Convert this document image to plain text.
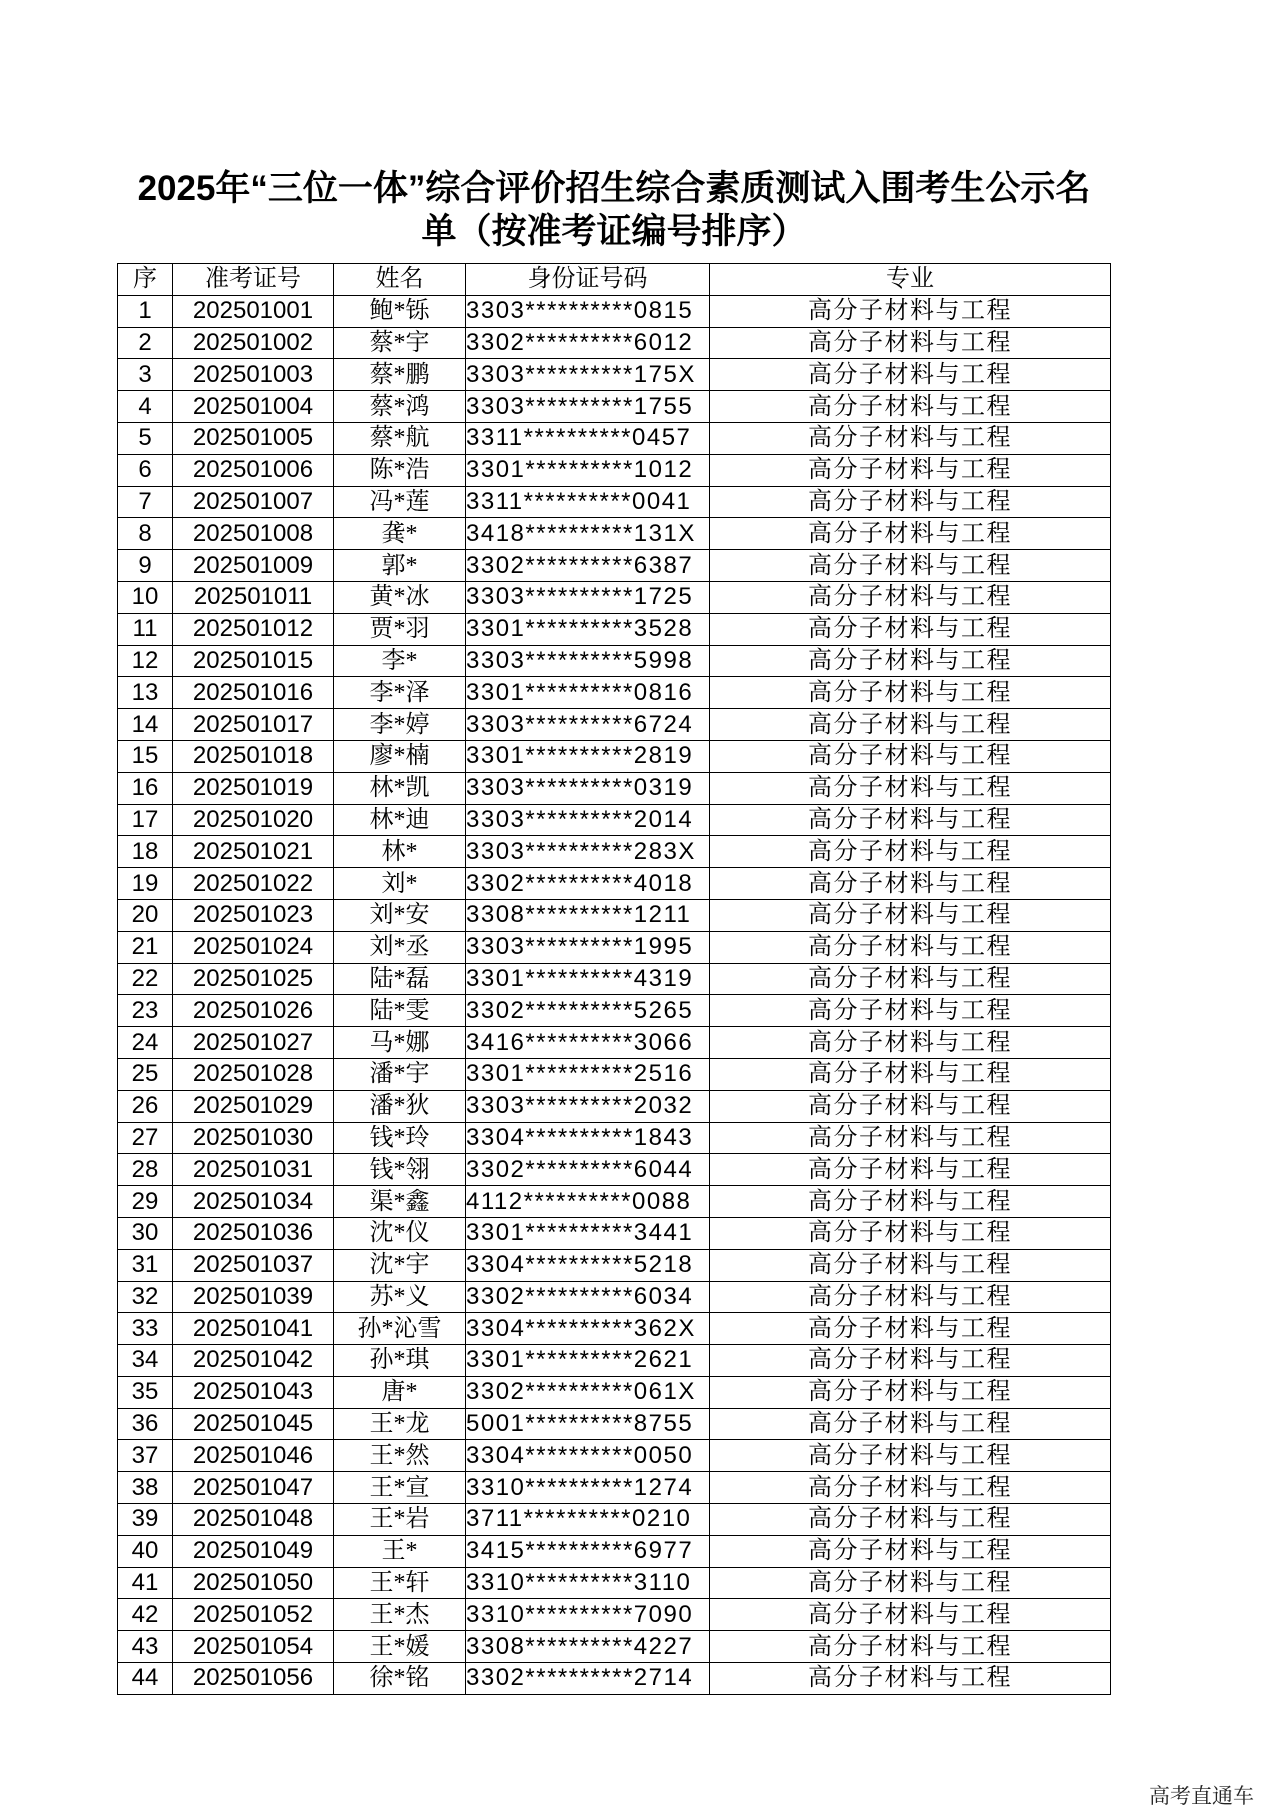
2025年“三位一体”综合评价招生综合素质测试入围考生公示名
单（按准考证编号排序）
序	准考证号	姓名	身份证号码	专业
1	202501001	鲍*铄	3303**********0815	高分子材料与工程
2	202501002	蔡*宇	3302**********6012	高分子材料与工程
3	202501003	蔡*鹏	3303**********175X	高分子材料与工程
4	202501004	蔡*鸿	3303**********1755	高分子材料与工程
5	202501005	蔡*航	3311**********0457	高分子材料与工程
6	202501006	陈*浩	3301**********1012	高分子材料与工程
7	202501007	冯*莲	3311**********0041	高分子材料与工程
8	202501008	龚*	3418**********131X	高分子材料与工程
9	202501009	郭*	3302**********6387	高分子材料与工程
10	202501011	黄*冰	3303**********1725	高分子材料与工程
11	202501012	贾*羽	3301**********3528	高分子材料与工程
12	202501015	李*	3303**********5998	高分子材料与工程
13	202501016	李*泽	3301**********0816	高分子材料与工程
14	202501017	李*婷	3303**********6724	高分子材料与工程
15	202501018	廖*楠	3301**********2819	高分子材料与工程
16	202501019	林*凯	3303**********0319	高分子材料与工程
17	202501020	林*迪	3303**********2014	高分子材料与工程
18	202501021	林*	3303**********283X	高分子材料与工程
19	202501022	刘*	3302**********4018	高分子材料与工程
20	202501023	刘*安	3308**********1211	高分子材料与工程
21	202501024	刘*丞	3303**********1995	高分子材料与工程
22	202501025	陆*磊	3301**********4319	高分子材料与工程
23	202501026	陆*雯	3302**********5265	高分子材料与工程
24	202501027	马*娜	3416**********3066	高分子材料与工程
25	202501028	潘*宇	3301**********2516	高分子材料与工程
26	202501029	潘*狄	3303**********2032	高分子材料与工程
27	202501030	钱*玲	3304**********1843	高分子材料与工程
28	202501031	钱*翎	3302**********6044	高分子材料与工程
29	202501034	渠*鑫	4112**********0088	高分子材料与工程
30	202501036	沈*仪	3301**********3441	高分子材料与工程
31	202501037	沈*宇	3304**********5218	高分子材料与工程
32	202501039	苏*义	3302**********6034	高分子材料与工程
33	202501041	孙*沁雪	3304**********362X	高分子材料与工程
34	202501042	孙*琪	3301**********2621	高分子材料与工程
35	202501043	唐*	3302**********061X	高分子材料与工程
36	202501045	王*龙	5001**********8755	高分子材料与工程
37	202501046	王*然	3304**********0050	高分子材料与工程
38	202501047	王*宣	3310**********1274	高分子材料与工程
39	202501048	王*岩	3711**********0210	高分子材料与工程
40	202501049	王*	3415**********6977	高分子材料与工程
41	202501050	王*轩	3310**********3110	高分子材料与工程
42	202501052	王*杰	3310**********7090	高分子材料与工程
43	202501054	王*媛	3308**********4227	高分子材料与工程
44	202501056	徐*铭	3302**********2714	高分子材料与工程
高考直通车
